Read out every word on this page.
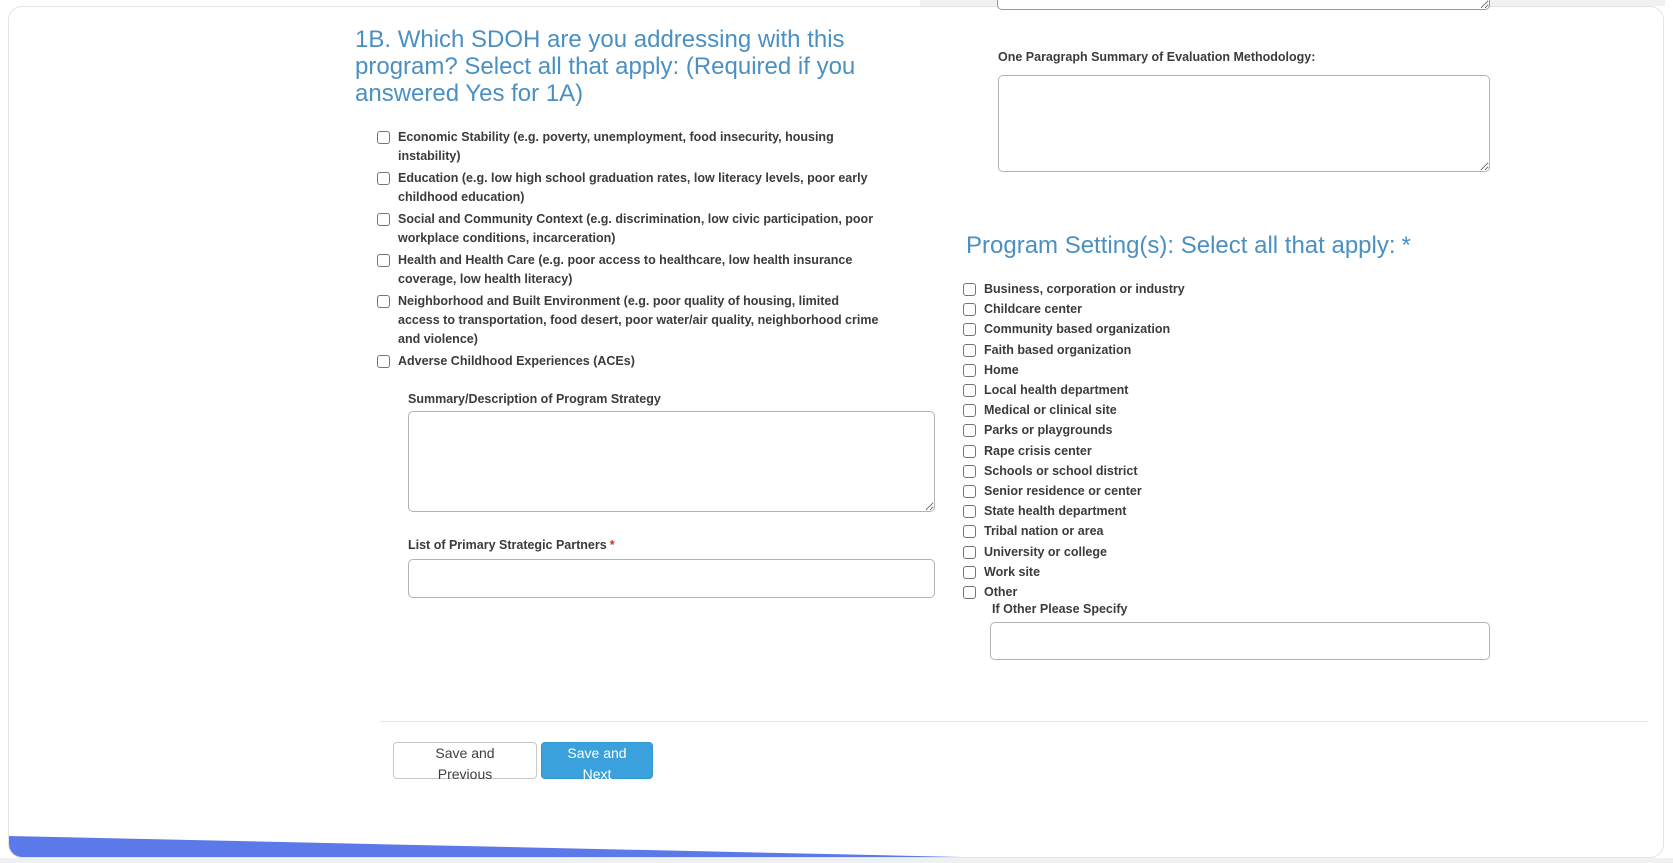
1B. Which SDOH are you addressing with this program? Select all that apply: (Required if you answered Yes for 1A)
Economic Stability (e.g. poverty, unemployment, food insecurity, housing instability)
Education (e.g. low high school graduation rates, low literacy levels, poor early childhood education)
Social and Community Context (e.g. discrimination, low civic participation, poor workplace conditions, incarceration)
Health and Health Care (e.g. poor access to healthcare, low health insurance coverage, low health literacy)
Neighborhood and Built Environment (e.g. poor quality of housing, limited access to transportation, food desert, poor water/air quality, neighborhood crime and violence)
Adverse Childhood Experiences (ACEs)
Summary/Description of Program Strategy
List of Primary Strategic Partners *
One Paragraph Summary of Evaluation Methodology:
Program Setting(s): Select all that apply: *
Business, corporation or industry
Childcare center
Community based organization
Faith based organization
Home
Local health department
Medical or clinical site
Parks or playgrounds
Rape crisis center
Schools or school district
Senior residence or center
State health department
Tribal nation or area
University or college
Work site
Other
If Other Please Specify
Save and Previous
Save and Next
